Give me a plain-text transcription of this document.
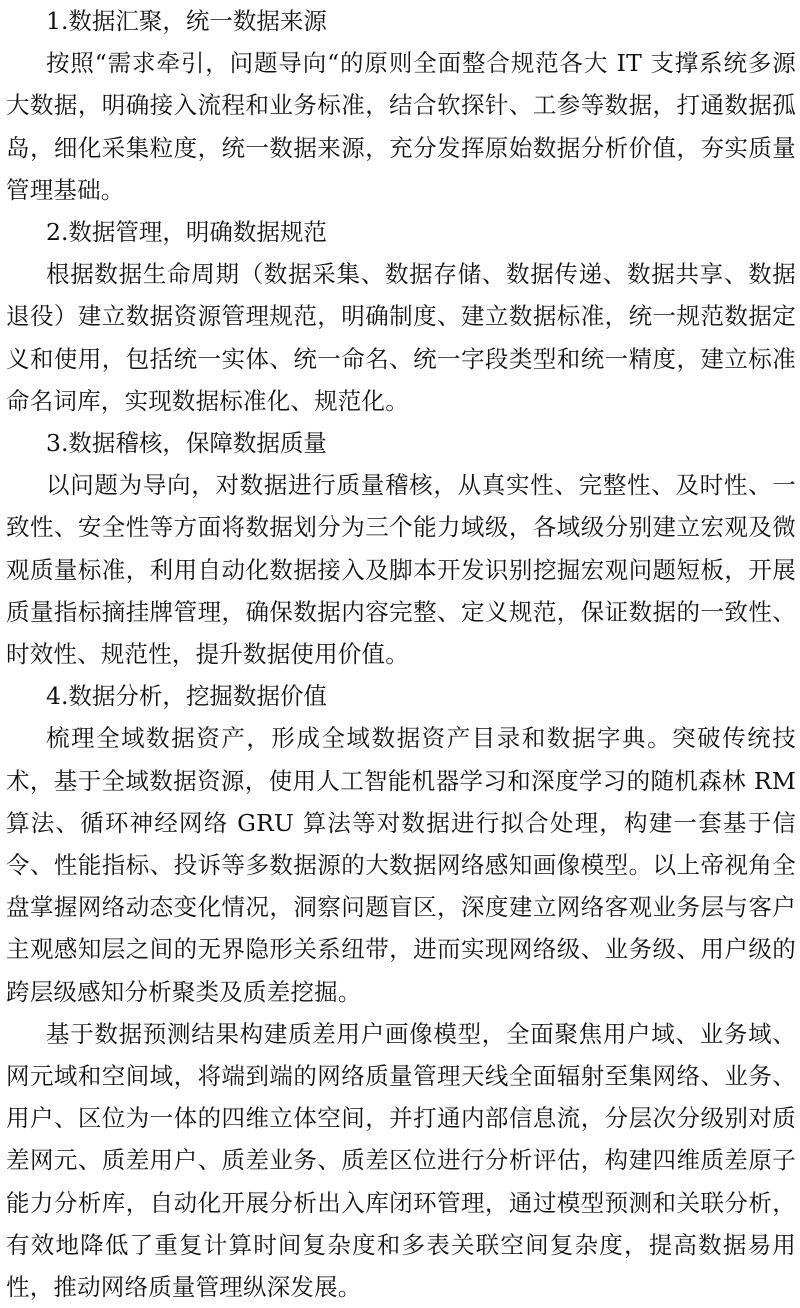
1.数据汇聚，统一数据来源

按照“需求牵引，问题导向“的原则全面整合规范各大 IT 支撑系统多源大数据，明确接入流程和业务标准，结合软探针、工参等数据，打通数据孤岛，细化采集粒度，统一数据来源，充分发挥原始数据分析价值，夯实质量管理基础。

2.数据管理，明确数据规范

根据数据生命周期（数据采集、数据存储、数据传递、数据共享、数据退役）建立数据资源管理规范，明确制度、建立数据标准，统一规范数据定义和使用，包括统一实体、统一命名、统一字段类型和统一精度，建立标准命名词库，实现数据标准化、规范化。

3.数据稽核，保障数据质量

以问题为导向，对数据进行质量稽核，从真实性、完整性、及时性、一致性、安全性等方面将数据划分为三个能力域级，各域级分别建立宏观及微观质量标准，利用自动化数据接入及脚本开发识别挖掘宏观问题短板，开展质量指标摘挂牌管理，确保数据内容完整、定义规范，保证数据的一致性、时效性、规范性，提升数据使用价值。

4.数据分析，挖掘数据价值

梳理全域数据资产，形成全域数据资产目录和数据字典。突破传统技术，基于全域数据资源，使用人工智能机器学习和深度学习的随机森林 RM 算法、循环神经网络 GRU 算法等对数据进行拟合处理，构建一套基于信令、性能指标、投诉等多数据源的大数据网络感知画像模型。以上帝视角全盘掌握网络动态变化情况，洞察问题盲区，深度建立网络客观业务层与客户主观感知层之间的无界隐形关系纽带，进而实现网络级、业务级、用户级的跨层级感知分析聚类及质差挖掘。

基于数据预测结果构建质差用户画像模型，全面聚焦用户域、业务域、网元域和空间域，将端到端的网络质量管理天线全面辐射至集网络、业务、用户、区位为一体的四维立体空间，并打通内部信息流，分层次分级别对质差网元、质差用户、质差业务、质差区位进行分析评估，构建四维质差原子能力分析库，自动化开展分析出入库闭环管理，通过模型预测和关联分析，有效地降低了重复计算时间复杂度和多表关联空间复杂度，提高数据易用性，推动网络质量管理纵深发展。
